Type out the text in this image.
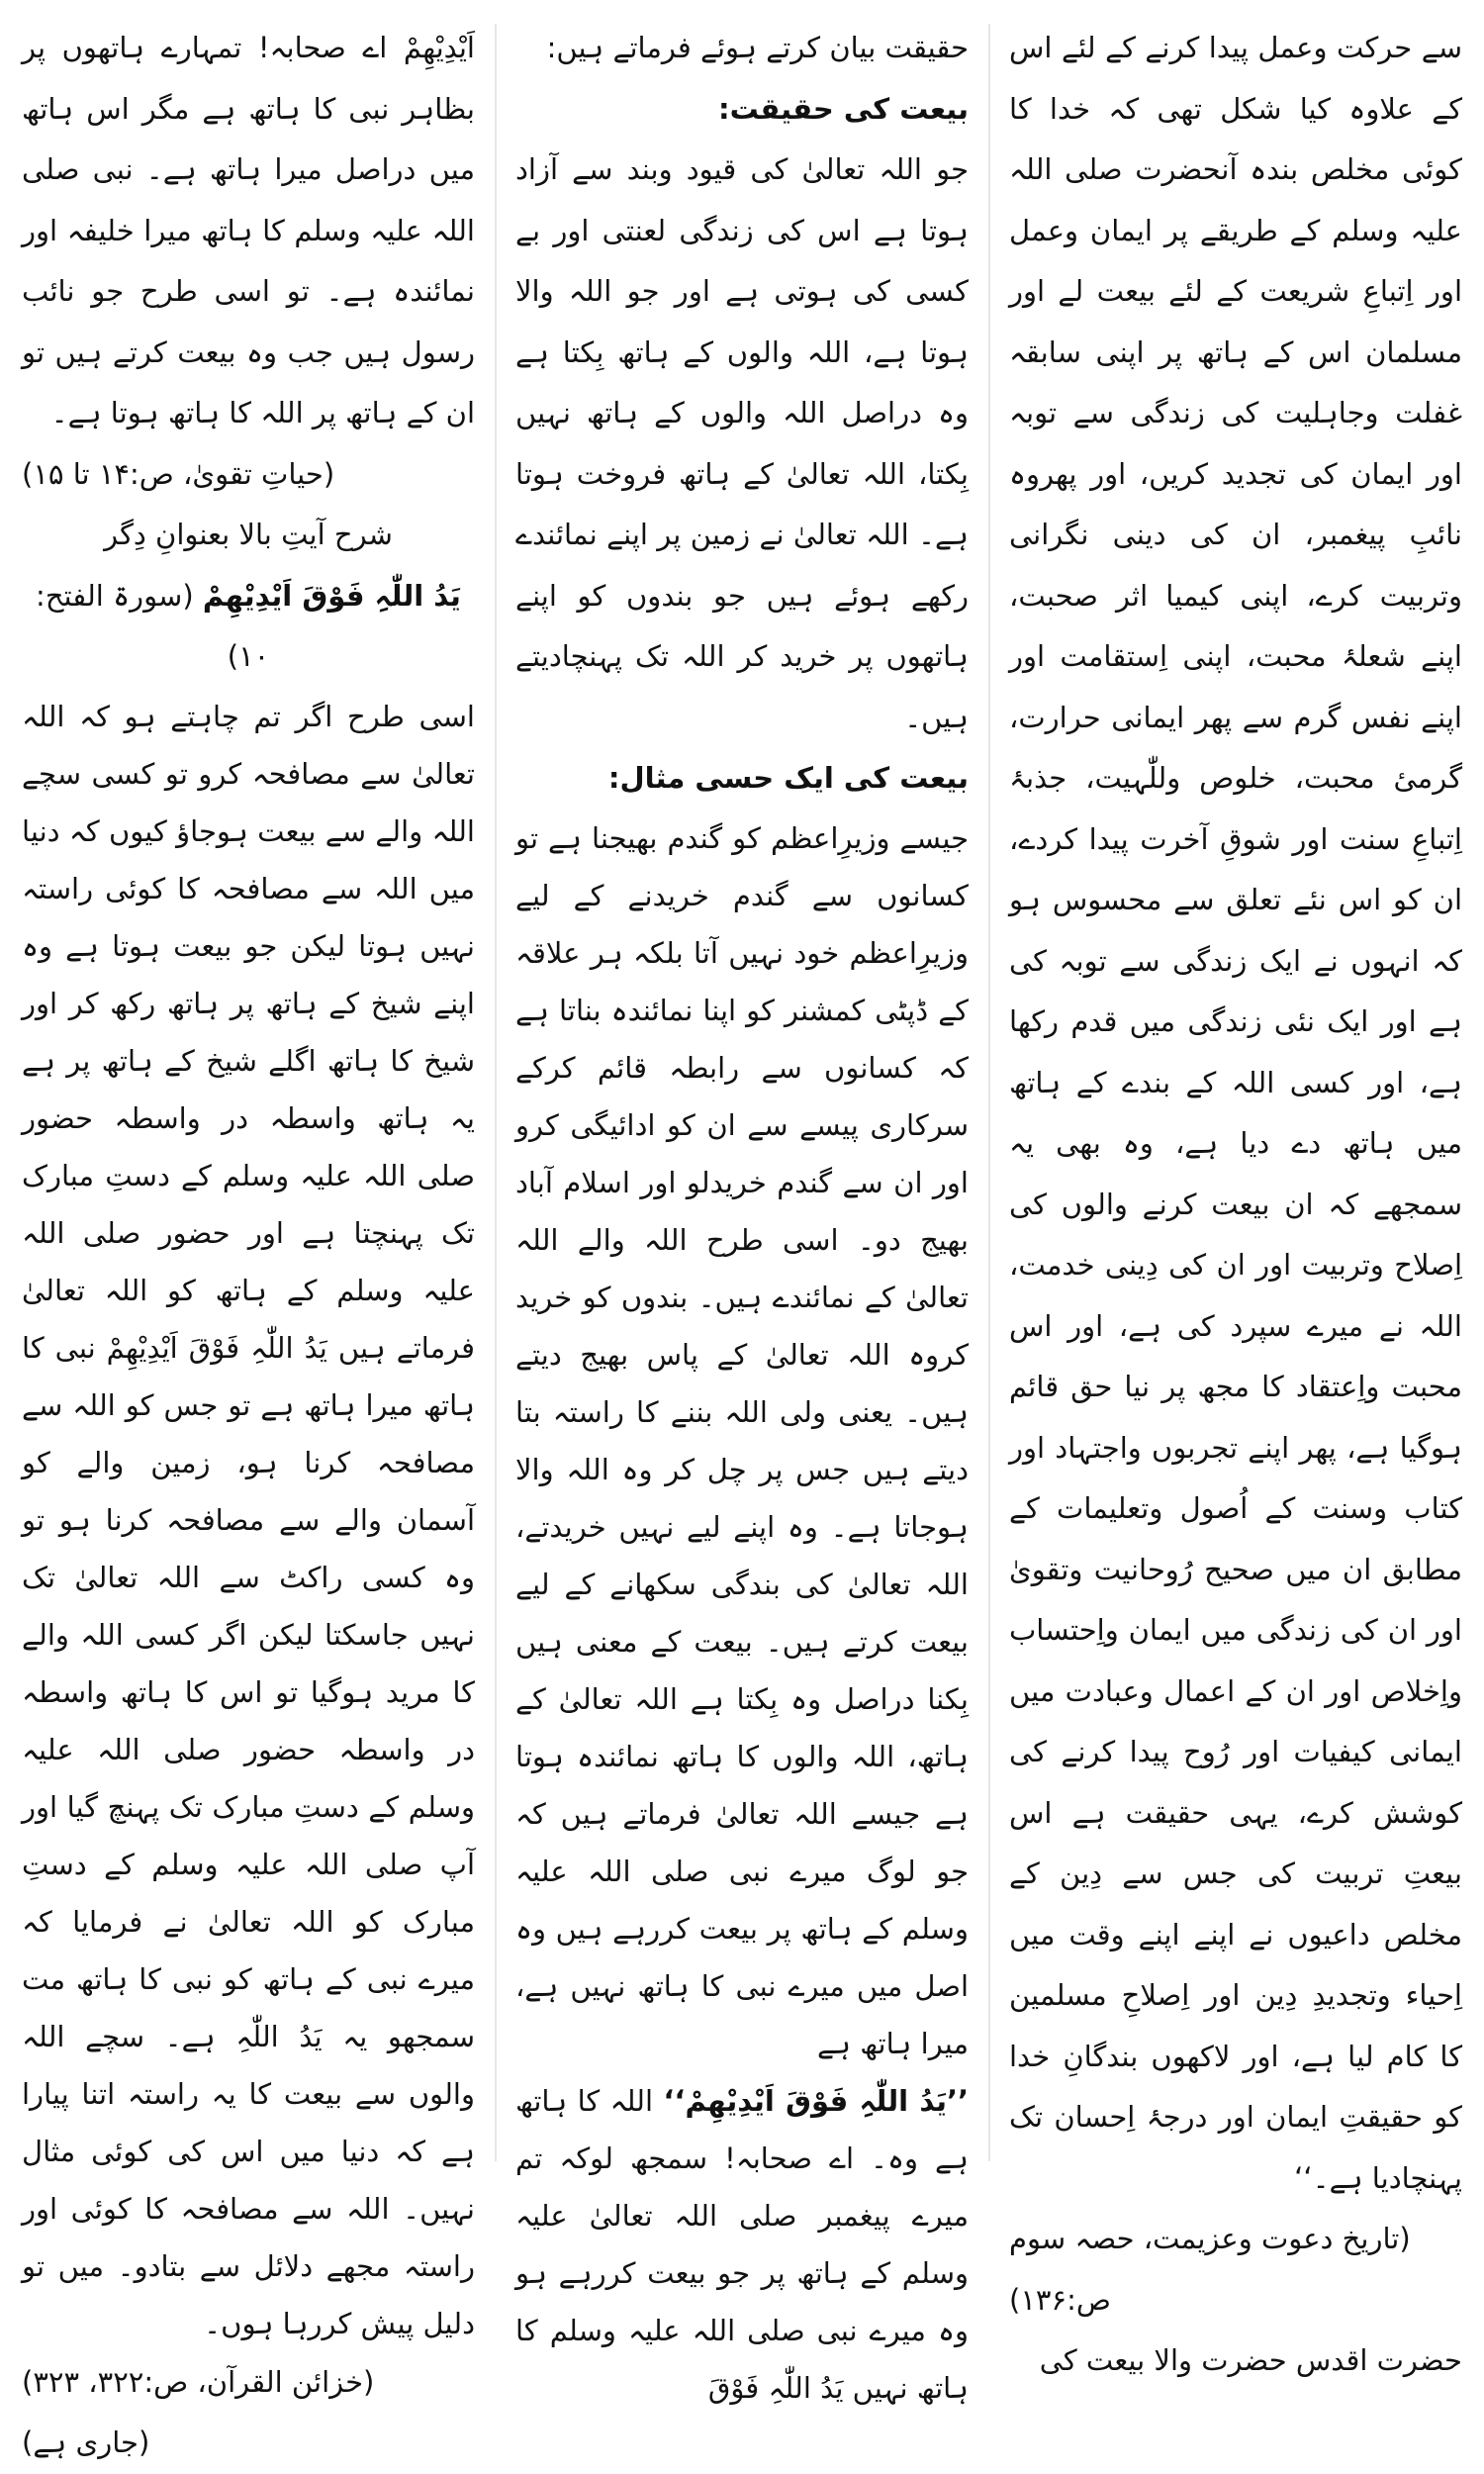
سے حرکت وعمل پیدا کرنے کے لئے اس کے علاوہ کیا شکل تھی کہ خدا کا کوئی مخلص بندہ آنحضرت صلی اللہ علیہ وسلم کے طریقے پر ایمان وعمل اور اِتباعِ شریعت کے لئے بیعت لے اور مسلمان اس کے ہاتھ پر اپنی سابقہ غفلت وجاہلیت کی زندگی سے توبہ اور ایمان کی تجدید کریں، اور پھروہ نائبِ پیغمبر، ان کی دینی نگرانی وتربیت کرے، اپنی کیمیا اثر صحبت، اپنے شعلۂ محبت، اپنی اِستقامت اور اپنے نفس گرم سے پھر ایمانی حرارت، گرمیٔ محبت، خلوص وللّٰہیت، جذبۂ اِتباعِ سنت اور شوقِ آخرت پیدا کردے، ان کو اس نئے تعلق سے محسوس ہو کہ انہوں نے ایک زندگی سے توبہ کی ہے اور ایک نئی زندگی میں قدم رکھا ہے، اور کسی اللہ کے بندے کے ہاتھ میں ہاتھ دے دیا ہے، وہ بھی یہ سمجھے کہ ان بیعت کرنے والوں کی اِصلاح وتربیت اور ان کی دِینی خدمت، اللہ نے میرے سپرد کی ہے، اور اس محبت واِعتقاد کا مجھ پر نیا حق قائم ہوگیا ہے، پھر اپنے تجربوں واجتہاد اور کتاب وسنت کے اُصول وتعلیمات کے مطابق ان میں صحیح رُوحانیت وتقویٰ اور ان کی زندگی میں ایمان واِحتساب واِخلاص اور ان کے اعمال وعبادت میں ایمانی کیفیات اور رُوح پیدا کرنے کی کوشش کرے، یہی حقیقت ہے اس بیعتِ تربیت کی جس سے دِین کے مخلص داعیوں نے اپنے اپنے وقت میں اِحیاء وتجدیدِ دِین اور اِصلاحِ مسلمین کا کام لیا ہے، اور لاکھوں بندگانِ خدا کو حقیقتِ ایمان اور درجۂ اِحسان تک پہنچادیا ہے۔‘‘

(تاریخ دعوت وعزیمت، حصہ سوم ص:۱۳۶)

حضرت اقدس حضرت والا بیعت کی

حقیقت بیان کرتے ہوئے فرماتے ہیں:

بیعت کی حقیقت:

جو اللہ تعالیٰ کی قیود وبند سے آزاد ہوتا ہے اس کی زندگی لعنتی اور بے کسی کی ہوتی ہے اور جو اللہ والا ہوتا ہے، اللہ والوں کے ہاتھ بِکتا ہے وہ دراصل اللہ والوں کے ہاتھ نہیں بِکتا، اللہ تعالیٰ کے ہاتھ فروخت ہوتا ہے۔ اللہ تعالیٰ نے زمین پر اپنے نمائندے رکھے ہوئے ہیں جو بندوں کو اپنے ہاتھوں پر خرید کر اللہ تک پہنچادیتے ہیں۔

بیعت کی ایک حسی مثال:

جیسے وزیرِاعظم کو گندم بھیجنا ہے تو کسانوں سے گندم خریدنے کے لیے وزیرِاعظم خود نہیں آتا بلکہ ہر علاقہ کے ڈپٹی کمشنر کو اپنا نمائندہ بناتا ہے کہ کسانوں سے رابطہ قائم کرکے سرکاری پیسے سے ان کو ادائیگی کرو اور ان سے گندم خریدلو اور اسلام آباد بھیج دو۔ اسی طرح اللہ والے اللہ تعالیٰ کے نمائندے ہیں۔ بندوں کو خرید کروہ اللہ تعالیٰ کے پاس بھیج دیتے ہیں۔ یعنی ولی اللہ بننے کا راستہ بتا دیتے ہیں جس پر چل کر وہ اللہ والا ہوجاتا ہے۔ وہ اپنے لیے نہیں خریدتے، اللہ تعالیٰ کی بندگی سکھانے کے لیے بیعت کرتے ہیں۔ بیعت کے معنی ہیں بِکنا دراصل وہ بِکتا ہے اللہ تعالیٰ کے ہاتھ، اللہ والوں کا ہاتھ نمائندہ ہوتا ہے جیسے اللہ تعالیٰ فرماتے ہیں کہ جو لوگ میرے نبی صلی اللہ علیہ وسلم کے ہاتھ پر بیعت کررہے ہیں وہ اصل میں میرے نبی کا ہاتھ نہیں ہے، میرا ہاتھ ہے

’’یَدُ اللّٰہِ فَوْقَ اَیْدِیْھِمْ‘‘ اللہ کا ہاتھ ہے وہ۔ اے صحابہ! سمجھ لوکہ تم میرے پیغمبر صلی اللہ تعالیٰ علیہ وسلم کے ہاتھ پر جو بیعت کررہے ہو وہ میرے نبی صلی اللہ علیہ وسلم کا ہاتھ نہیں یَدُ اللّٰہِ فَوْقَ

اَیْدِیْھِمْ اے صحابہ! تمہارے ہاتھوں پر بظاہر نبی کا ہاتھ ہے مگر اس ہاتھ میں دراصل میرا ہاتھ ہے۔ نبی صلی اللہ علیہ وسلم کا ہاتھ میرا خلیفہ اور نمائندہ ہے۔ تو اسی طرح جو نائب رسول ہیں جب وہ بیعت کرتے ہیں تو ان کے ہاتھ پر اللہ کا ہاتھ ہوتا ہے۔

(حیاتِ تقویٰ، ص:۱۴ تا ۱۵)

شرح آیتِ بالا بعنوانِ دِگر

یَدُ اللّٰہِ فَوْقَ اَیْدِیْھِمْ (سورۃ الفتح: ۱۰)

اسی طرح اگر تم چاہتے ہو کہ اللہ تعالیٰ سے مصافحہ کرو تو کسی سچے اللہ والے سے بیعت ہوجاؤ کیوں کہ دنیا میں اللہ سے مصافحہ کا کوئی راستہ نہیں ہوتا لیکن جو بیعت ہوتا ہے وہ اپنے شیخ کے ہاتھ پر ہاتھ رکھ کر اور شیخ کا ہاتھ اگلے شیخ کے ہاتھ پر ہے یہ ہاتھ واسطہ در واسطہ حضور صلی اللہ علیہ وسلم کے دستِ مبارک تک پہنچتا ہے اور حضور صلی اللہ علیہ وسلم کے ہاتھ کو اللہ تعالیٰ فرماتے ہیں یَدُ اللّٰہِ فَوْقَ اَیْدِیْھِمْ نبی کا ہاتھ میرا ہاتھ ہے تو جس کو اللہ سے مصافحہ کرنا ہو، زمین والے کو آسمان والے سے مصافحہ کرنا ہو تو وہ کسی راکٹ سے اللہ تعالیٰ تک نہیں جاسکتا لیکن اگر کسی اللہ والے کا مرید ہوگیا تو اس کا ہاتھ واسطہ در واسطہ حضور صلی اللہ علیہ وسلم کے دستِ مبارک تک پہنچ گیا اور آپ صلی اللہ علیہ وسلم کے دستِ مبارک کو اللہ تعالیٰ نے فرمایا کہ میرے نبی کے ہاتھ کو نبی کا ہاتھ مت سمجھو یہ یَدُ اللّٰہِ ہے۔ سچے اللہ والوں سے بیعت کا یہ راستہ اتنا پیارا ہے کہ دنیا میں اس کی کوئی مثال نہیں۔ اللہ سے مصافحہ کا کوئی اور راستہ مجھے دلائل سے بتادو۔ میں تو دلیل پیش کررہا ہوں۔

(خزائن القرآن، ص:۳۲۲، ۳۲۳)

(جاری ہے)
